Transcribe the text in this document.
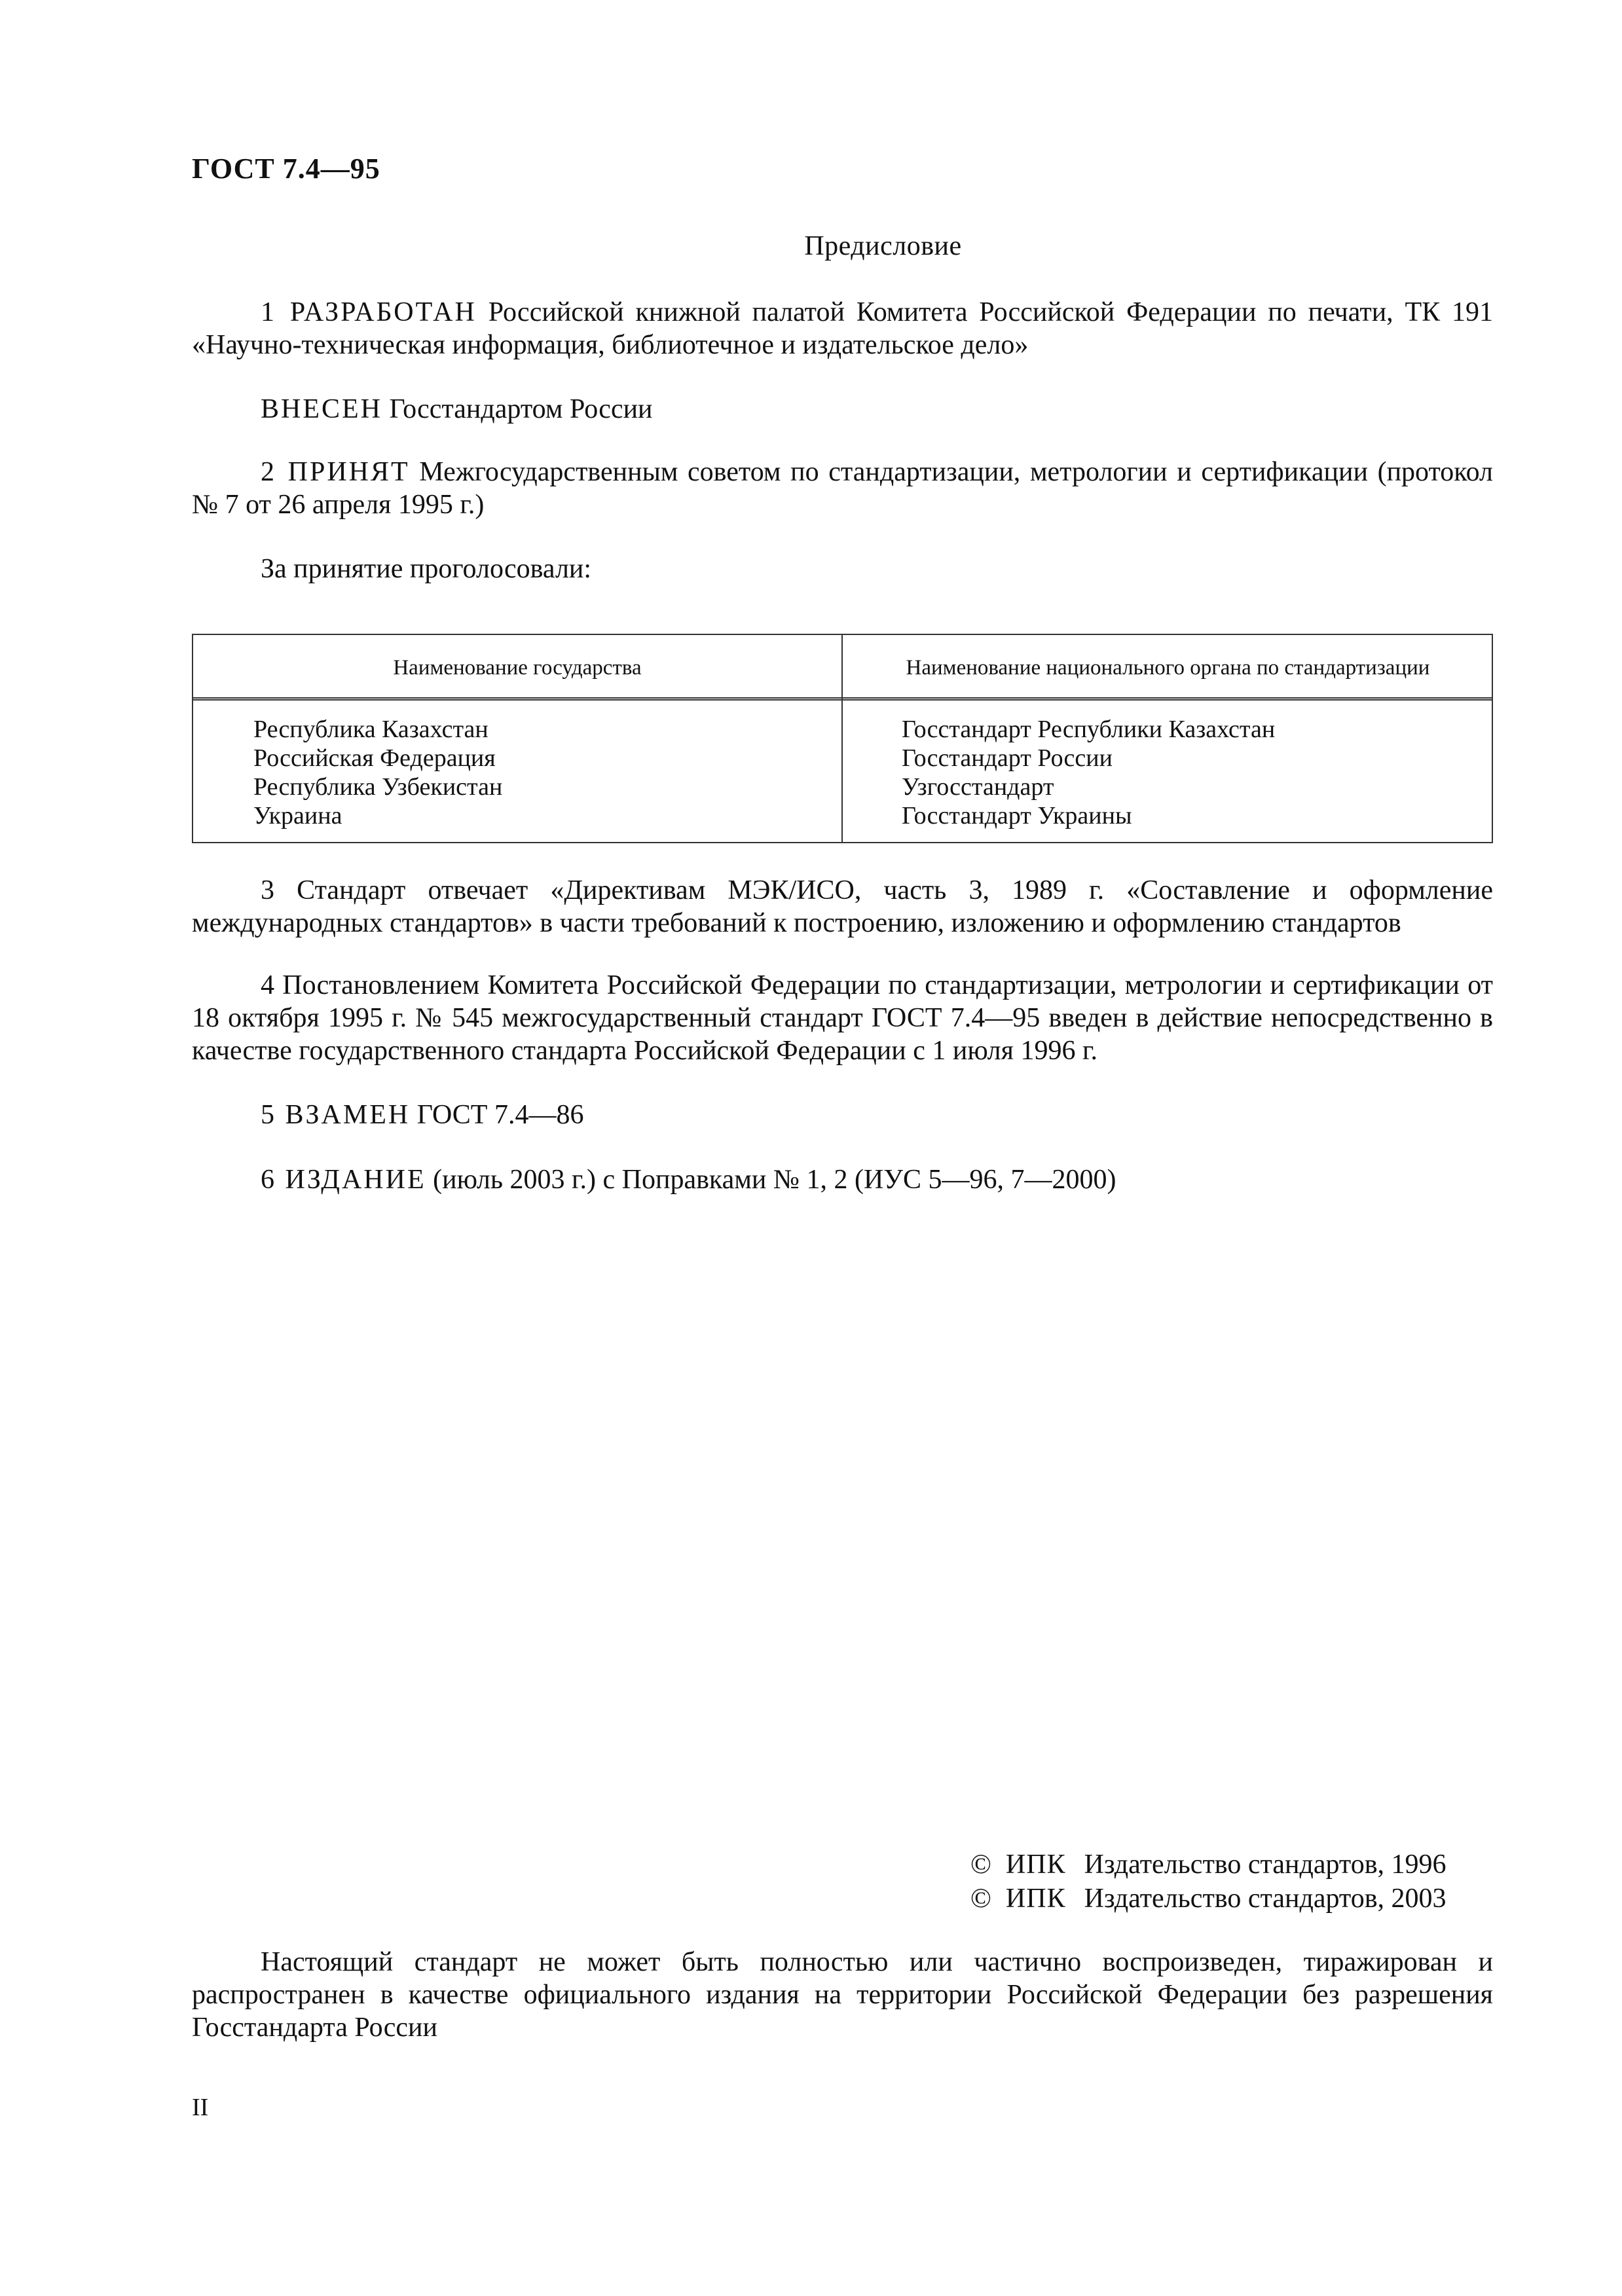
ГОСТ 7.4—95
Предисловие
1 РАЗРАБОТАН Российской книжной палатой Комитета Российской Федерации по печати, ТК 191 «Научно-техническая информация, библиотечное и издательское дело»
ВНЕСЕН Госстандартом России
2 ПРИНЯТ Межгосударственным советом по стандартизации, метрологии и сертификации (протокол № 7 от 26 апреля 1995 г.)
За принятие проголосовали:
Наименование государства	Наименование национального органа по стандартизации
Республика Казахстан
Российская Федерация
Республика Узбекистан
Украина
Госстандарт Республики Казахстан
Госстандарт России
Узгосстандарт
Госстандарт Украины
3 Стандарт отвечает «Директивам МЭК/ИСО, часть 3, 1989 г. «Составление и оформление международных стандартов» в части требований к построению, изложению и оформлению стандартов
4 Постановлением Комитета Российской Федерации по стандартизации, метрологии и сертификации от 18 октября 1995 г. № 545 межгосударственный стандарт ГОСТ 7.4—95 введен в действие непосредственно в качестве государственного стандарта Российской Федерации с 1 июля 1996 г.
5 ВЗАМЕН ГОСТ 7.4—86
6 ИЗДАНИЕ (июль 2003 г.) с Поправками № 1, 2 (ИУС 5—96, 7—2000)
© ИПК Издательство стандартов, 1996
© ИПК Издательство стандартов, 2003
Настоящий стандарт не может быть полностью или частично воспроизведен, тиражирован и распространен в качестве официального издания на территории Российской Федерации без разрешения Госстандарта России
II
